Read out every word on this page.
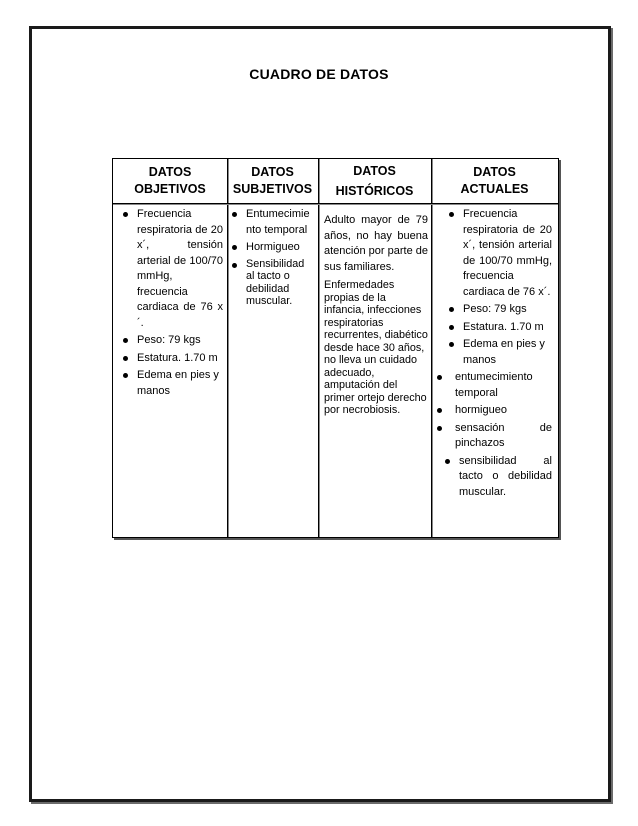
CUADRO DE DATOS
DATOS
OBJETIVOS
DATOS
SUBJETIVOS
DATOS
HISTÓRICOS
DATOS
ACTUALES
Frecuencia respiratoria de 20 x´, tensión arterial de 100/70 mmHg, frecuencia cardiaca de 76 x´.
Peso: 79 kgs
Estatura. 1.70 m
Edema en pies y manos
Entumecimiento temporal
Hormigueo
Sensibilidad al tacto o debilidad muscular.

Adulto mayor de 79 años, no hay buena atención por parte de sus familiares.

Enfermedades propias de la infancia, infecciones respiratorias recurrentes, diabético desde hace 30 años, no lleva un cuidado adecuado, amputación del primer ortejo derecho por necrobiosis.

Frecuencia respiratoria de 20 x´, tensión arterial de 100/70 mmHg, frecuencia cardiaca de 76 x´.
Peso: 79 kgs
Estatura. 1.70 m
Edema en pies y manos
entumecimiento temporal
hormigueo
sensación de pinchazos
sensibilidad al tacto o debilidad muscular.
